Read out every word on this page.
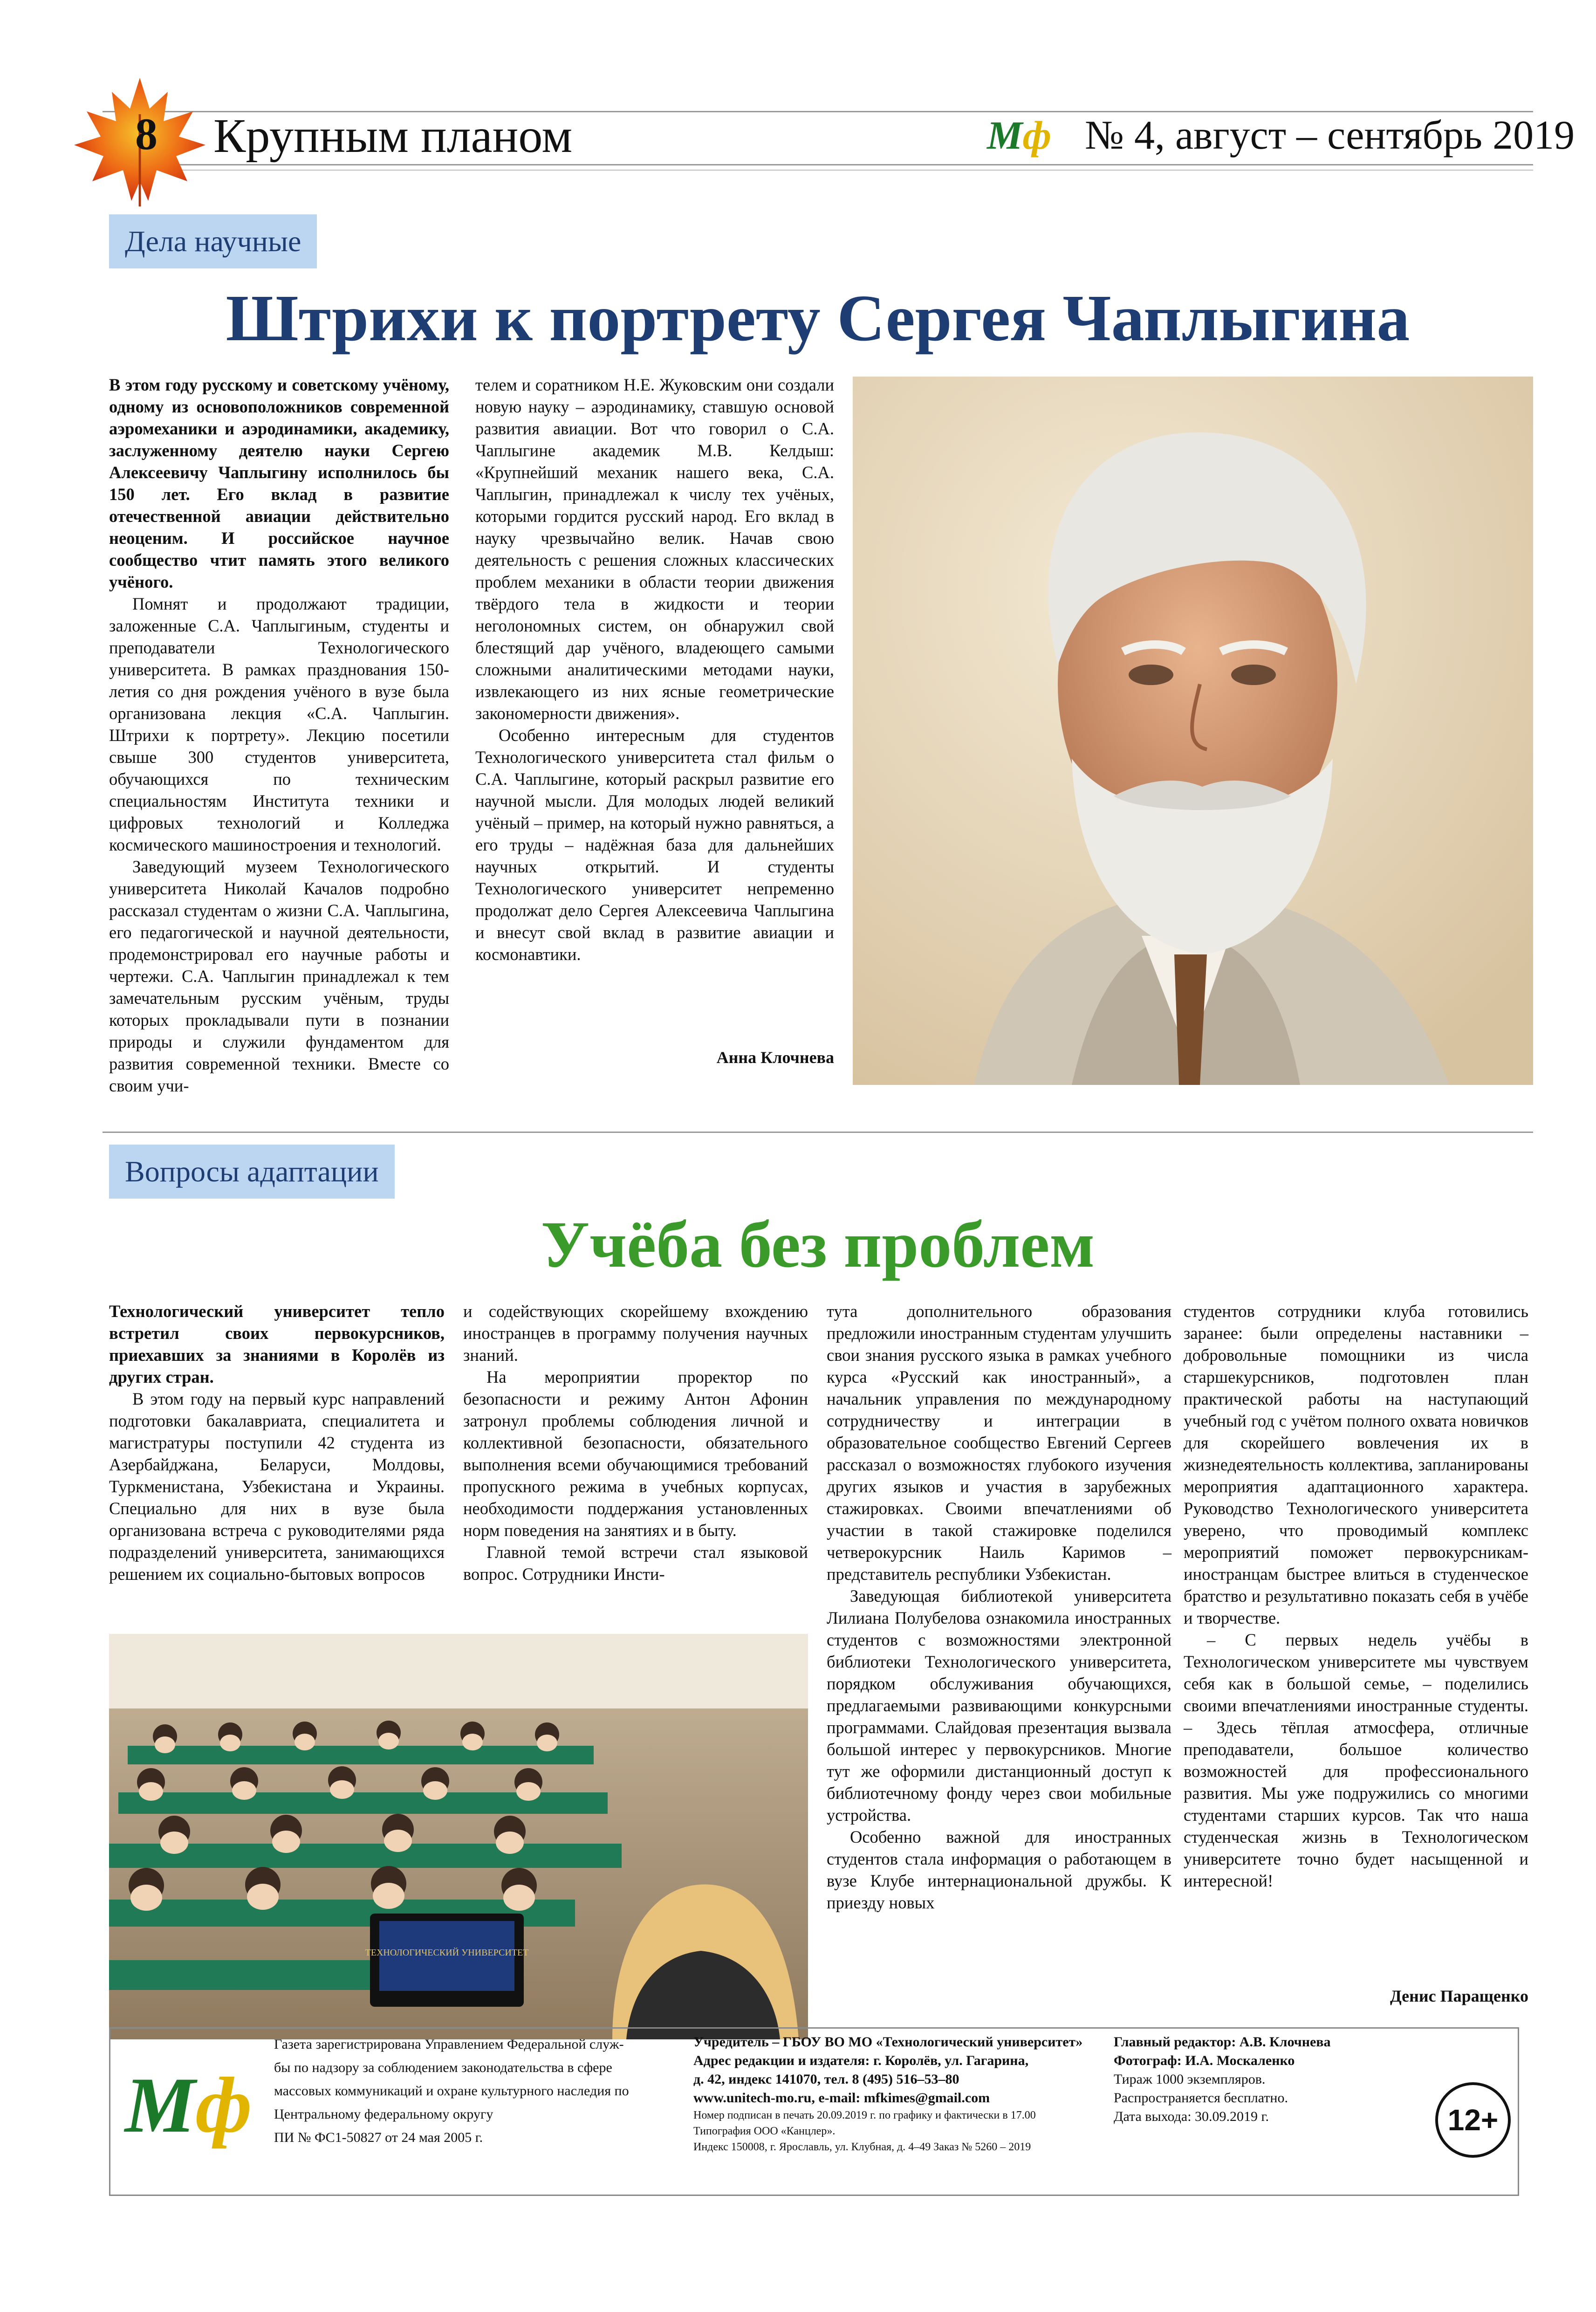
8 Крупным планом	Мф № 4, август – сентябрь 2019
Дела научные
Штрихи к портрету Сергея Чаплыгина

В этом году русскому и советскому учёному, одному из основоположников современной аэромеханики и аэродинамики, академику, заслуженному деятелю науки Сергею Алексеевичу Чаплыгину исполнилось бы 150 лет. Его вклад в развитие отечественной авиации действительно неоценим. И российское научное сообщество чтит память этого великого учёного.

Помнят и продолжают традиции, заложенные С.А. Чаплыгиным, студенты и преподаватели Технологического университета. В рамках празднования 150-летия со дня рождения учёного в вузе была организована лекция «С.А. Чаплыгин. Штрихи к портрету». Лекцию посетили свыше 300 студентов университета, обучающихся по техническим специальностям Института техники и цифровых технологий и Колледжа космического машиностроения и технологий.

Заведующий музеем Технологического университета Николай Качалов подробно рассказал студентам о жизни С.А. Чаплыгина, его педагогической и научной деятельности, продемонстрировал его научные работы и чертежи. С.А. Чаплыгин принадлежал к тем замечательным русским учёным, труды которых прокладывали пути в познании природы и служили фундаментом для развития современной техники. Вместе со своим учи-

телем и соратником Н.Е. Жуковским они создали новую науку – аэродинамику, ставшую основой развития авиации. Вот что говорил о С.А. Чаплыгине академик М.В. Келдыш: «Крупнейший механик нашего века, С.А. Чаплыгин, принадлежал к числу тех учёных, которыми гордится русский народ. Его вклад в науку чрезвычайно велик. Начав свою деятельность с решения сложных классических проблем механики в области теории движения твёрдого тела в жидкости и теории неголономных систем, он обнаружил свой блестящий дар учёного, владеющего самыми сложными аналитическими методами науки, извлекающего из них ясные геометрические закономерности движения».

Особенно интересным для студентов Технологического университета стал фильм о С.А. Чаплыгине, который раскрыл развитие его научной мысли. Для молодых людей великий учёный – пример, на который нужно равняться, а его труды – надёжная база для дальнейших научных открытий. И студенты Технологического университет непременно продолжат дело Сергея Алексеевича Чаплыгина и внесут свой вклад в развитие авиации и космонавтики.

Анна Клочнева
Вопросы адаптации
Учёба без проблем

Технологический университет тепло встретил своих первокурсников, приехавших за знаниями в Королёв из других стран.

В этом году на первый курс направлений подготовки бакалавриата, специалитета и магистратуры поступили 42 студента из Азербайджана, Беларуси, Молдовы, Туркменистана, Узбекистана и Украины. Специально для них в вузе была организована встреча с руководителями ряда подразделений университета, занимающихся решением их социально-бытовых вопросов

и содействующих скорейшему вхождению иностранцев в программу получения научных знаний.

На мероприятии проректор по безопасности и режиму Антон Афонин затронул проблемы соблюдения личной и коллективной безопасности, обязательного выполнения всеми обучающимися требований пропускного режима в учебных корпусах, необходимости поддержания установленных норм поведения на занятиях и в быту.

Главной темой встречи стал языковой вопрос. Сотрудники Инсти-

тута дополнительного образования предложили иностранным студентам улучшить свои знания русского языка в рамках учебного курса «Русский как иностранный», а начальник управления по международному сотрудничеству и интеграции в образовательное сообщество Евгений Сергеев рассказал о возможностях глубокого изучения других языков и участия в зарубежных стажировках. Своими впечатлениями об участии в такой стажировке поделился четверокурсник Наиль Каримов – представитель республики Узбекистан.

Заведующая библиотекой университета Лилиана Полубелова ознакомила иностранных студентов с возможностями электронной библиотеки Технологического университета, порядком обслуживания обучающихся, предлагаемыми развивающими конкурсными программами. Слайдовая презентация вызвала большой интерес у первокурсников. Многие тут же оформили дистанционный доступ к библиотечному фонду через свои мобильные устройства.

Особенно важной для иностранных студентов стала информация о работающем в вузе Клубе интернациональной дружбы. К приезду новых

студентов сотрудники клуба готовились заранее: были определены наставники – добровольные помощники из числа старшекурсников, подготовлен план практической работы на наступающий учебный год с учётом полного охвата новичков для скорейшего вовлечения их в жизнедеятельность коллектива, запланированы мероприятия адаптационного характера. Руководство Технологического университета уверено, что проводимый комплекс мероприятий поможет первокурсникам-иностранцам быстрее влиться в студенческое братство и результативно показать себя в учёбе и творчестве.

– С первых недель учёбы в Технологическом университете мы чувствуем себя как в большой семье, – поделились своими впечатлениями иностранные студенты. – Здесь тёплая атмосфера, отличные преподаватели, большое количество возможностей для профессионального развития. Мы уже подружились со многими студентами старших курсов. Так что наша студенческая жизнь в Технологическом университете точно будет насыщенной и интересной!

Денис Паращенко
ТЕХНОЛОГИЧЕСКИЙ УНИВЕРСИТЕТ
Мф
Газета зарегистрирована Управлением Федеральной служ-
бы по надзору за соблюдением законодательства в сфере
массовых коммуникаций и охране культурного наследия по
Центральному федеральному округу
ПИ № ФС1-50827 от 24 мая 2005 г.
Учредитель – ГБОУ ВО МО «Технологический университет»
Адрес редакции и издателя: г. Королёв, ул. Гагарина,
д. 42, индекс 141070, тел. 8 (495) 516–53–80
www.unitech-mo.ru, e-mail: mfkimes@gmail.com
Номер подписан в печать 20.09.2019 г. по графику и фактически в 17.00
Типография ООО «Канцлер».
Индекс 150008, г. Ярославль, ул. Клубная, д. 4–49 Заказ № 5260 – 2019
Главный редактор: А.В. Клочнева
Фотограф: И.А. Москаленко
Тираж 1000 экземпляров.
Распространяется бесплатно.
Дата выхода: 30.09.2019 г.	12+
